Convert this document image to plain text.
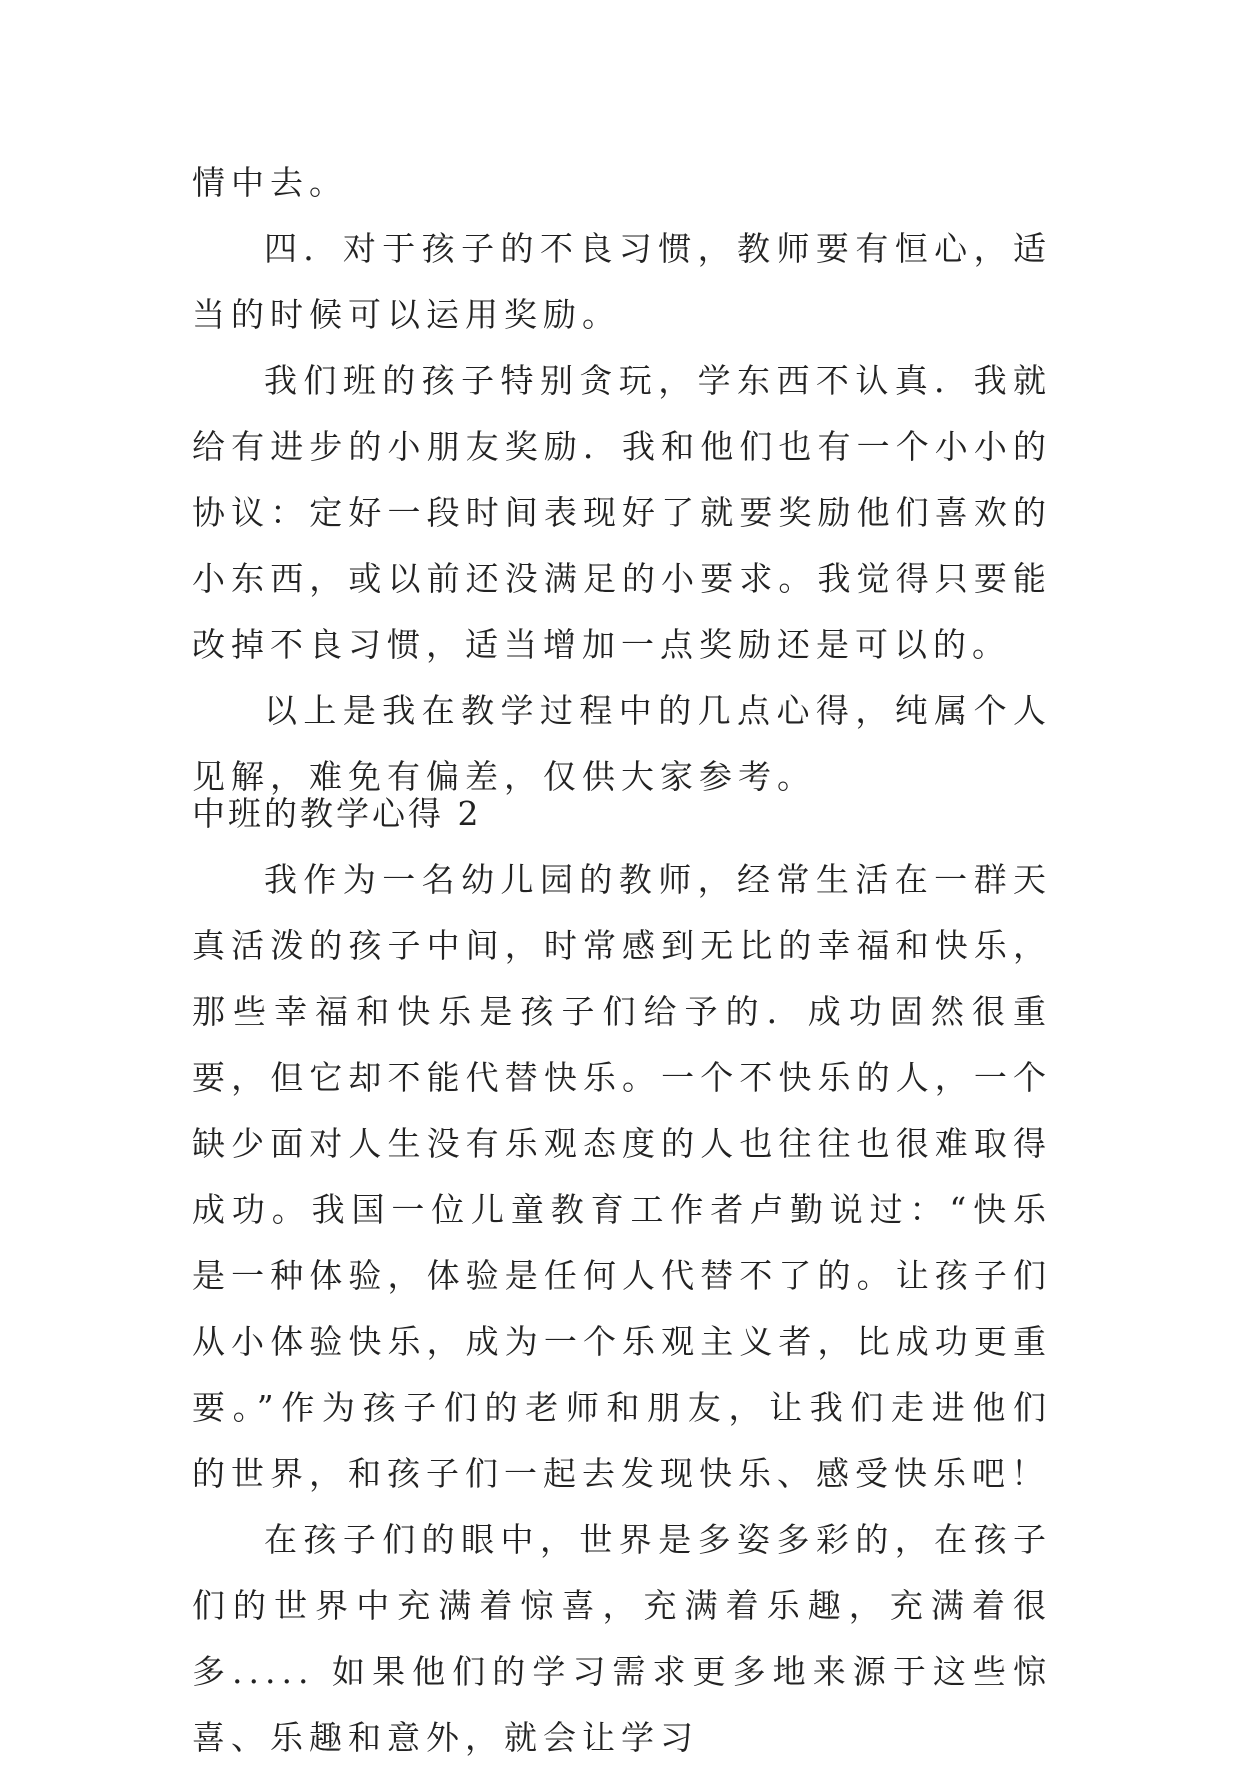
情中去。

四．对于孩子的不良习惯，教师要有恒心，适当的时候可以运用奖励。

我们班的孩子特别贪玩，学东西不认真．我就给有进步的小朋友奖励．我和他们也有一个小小的协议：定好一段时间表现好了就要奖励他们喜欢的小东西，或以前还没满足的小要求。我觉得只要能改掉不良习惯，适当增加一点奖励还是可以的。

以上是我在教学过程中的几点心得，纯属个人见解，难免有偏差，仅供大家参考。

中班的教学心得 2

我作为一名幼儿园的教师，经常生活在一群天真活泼的孩子中间，时常感到无比的幸福和快乐，那些幸福和快乐是孩子们给予的．成功固然很重要，但它却不能代替快乐。一个不快乐的人，一个缺少面对人生没有乐观态度的人也往往也很难取得成功。我国一位儿童教育工作者卢勤说过：“快乐是一种体验，体验是任何人代替不了的。让孩子们从小体验快乐，成为一个乐观主义者，比成功更重要。”作为孩子们的老师和朋友，让我们走进他们的世界，和孩子们一起去发现快乐、感受快乐吧！

在孩子们的眼中，世界是多姿多彩的，在孩子们的世界中充满着惊喜，充满着乐趣，充满着很多..... 如果他们的学习需求更多地来源于这些惊喜、乐趣和意外，就会让学习
